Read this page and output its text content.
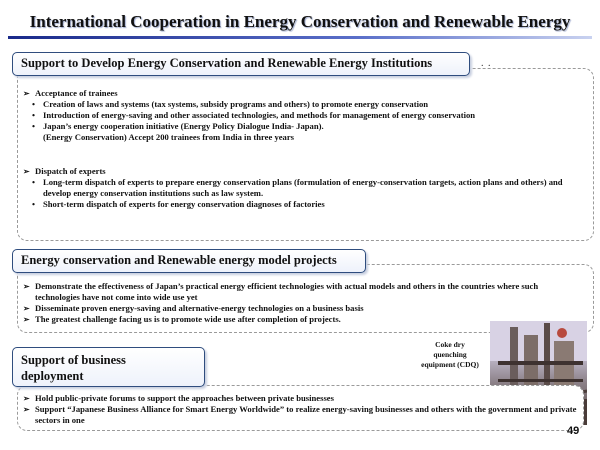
International Cooperation in Energy Conservation and Renewable Energy
Support to Develop Energy Conservation and Renewable Energy Institutions	. .
➢ Acceptance of trainees
• Creation of laws and systems (tax systems, subsidy programs and others) to promote energy conservation
• Introduction of energy-saving and other associated technologies, and methods for management of energy conservation
• Japan’s energy cooperation initiative (Energy Policy Dialogue India- Japan).
(Energy Conservation) Accept 200 trainees from India in three years
➢ Dispatch of experts
• Long-term dispatch of experts to prepare energy conservation plans (formulation of energy-conservation targets, action plans and others) and develop energy conservation institutions such as law system.
• Short-term dispatch of experts for energy conservation diagnoses of factories
Energy conservation and Renewable energy model projects
➢ Demonstrate the effectiveness of Japan’s practical energy efficient technologies with actual models and others in the countries where such technologies have not come into wide use yet
➢ Disseminate proven energy-saving and alternative-energy technologies on a business basis
➢ The greatest challenge facing us is to promote wide use after completion of projects.
Coke dry
quenching
equipment (CDQ)
Support of business
deployment
➢ Hold public-private forums to support the approaches between private businesses
➢ Support “Japanese Business Alliance for Smart Energy Worldwide” to realize energy-saving businesses and others with the government and private sectors in one
49
